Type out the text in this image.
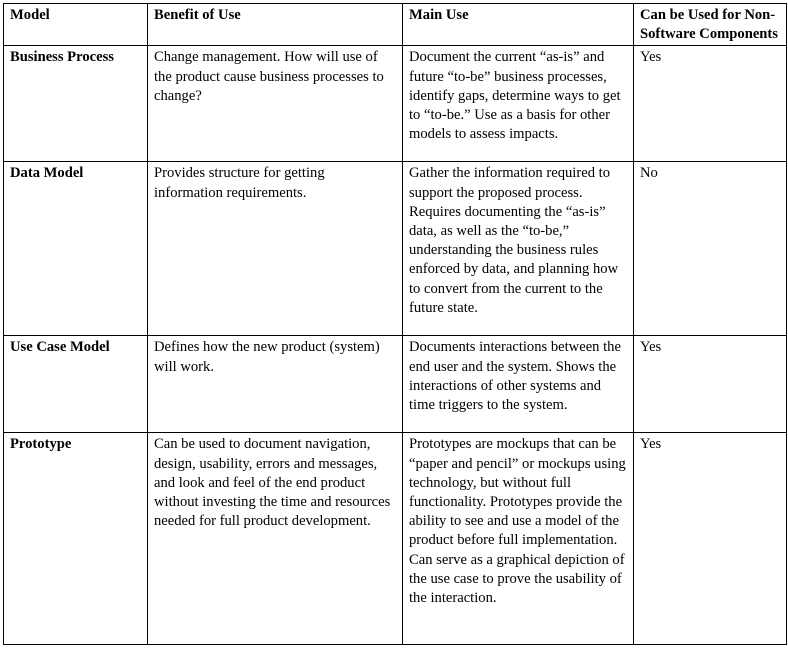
Model	Benefit of Use	Main Use	Can be Used for Non-Software Components
Business Process	Change management. How will use of the product cause business processes to change?	Document the current “as-is” and future “to-be” business processes, identify gaps, determine ways to get to “to-be.” Use as a basis for other models to assess impacts.	Yes
Data Model	Provides structure for getting information requirements.	Gather the information required to support the proposed process. Requires documenting the “as-is” data, as well as the “to-be,” understanding the business rules enforced by data, and planning how to convert from the current to the future state.	No
Use Case Model	Defines how the new product (system) will work.	Documents interactions between the end user and the system. Shows the interactions of other systems and time triggers to the system.	Yes
Prototype	Can be used to document navigation, design, usability, errors and messages, and look and feel of the end product without investing the time and resources needed for full product development.	Prototypes are mockups that can be “paper and pencil” or mockups using technology, but without full functionality. Prototypes provide the ability to see and use a model of the product before full implementation. Can serve as a graphical depiction of the use case to prove the usability of the interaction.	Yes
